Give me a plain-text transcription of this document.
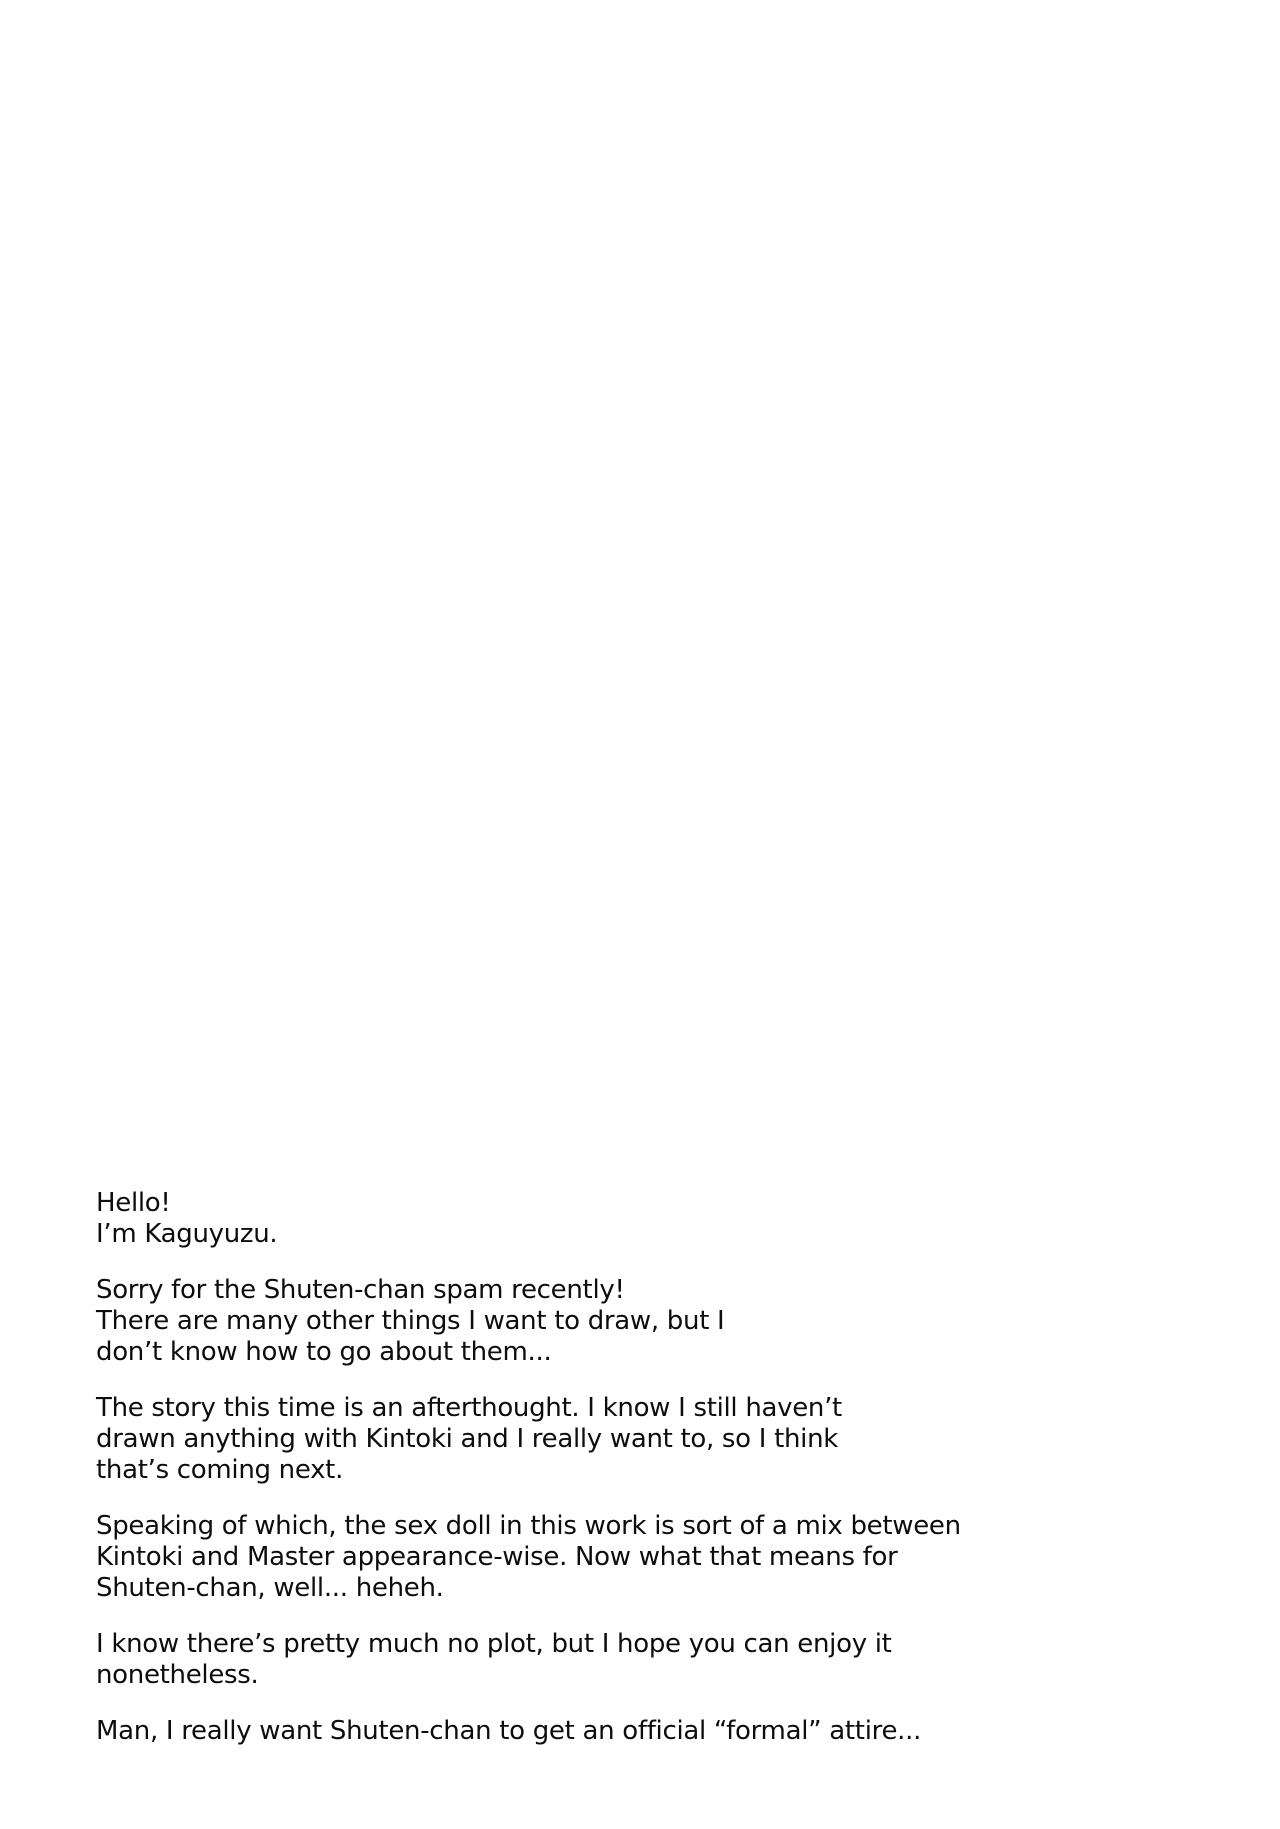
Hello!
I’m Kaguyuzu.

Sorry for the Shuten-chan spam recently!
There are many other things I want to draw, but I
don’t know how to go about them...

The story this time is an afterthought. I know I still haven’t
drawn anything with Kintoki and I really want to, so I think
that’s coming next.

Speaking of which, the sex doll in this work is sort of a mix between
Kintoki and Master appearance-wise. Now what that means for
Shuten-chan, well... heheh.

I know there’s pretty much no plot, but I hope you can enjoy it
nonetheless.

Man, I really want Shuten-chan to get an official “formal” attire...
